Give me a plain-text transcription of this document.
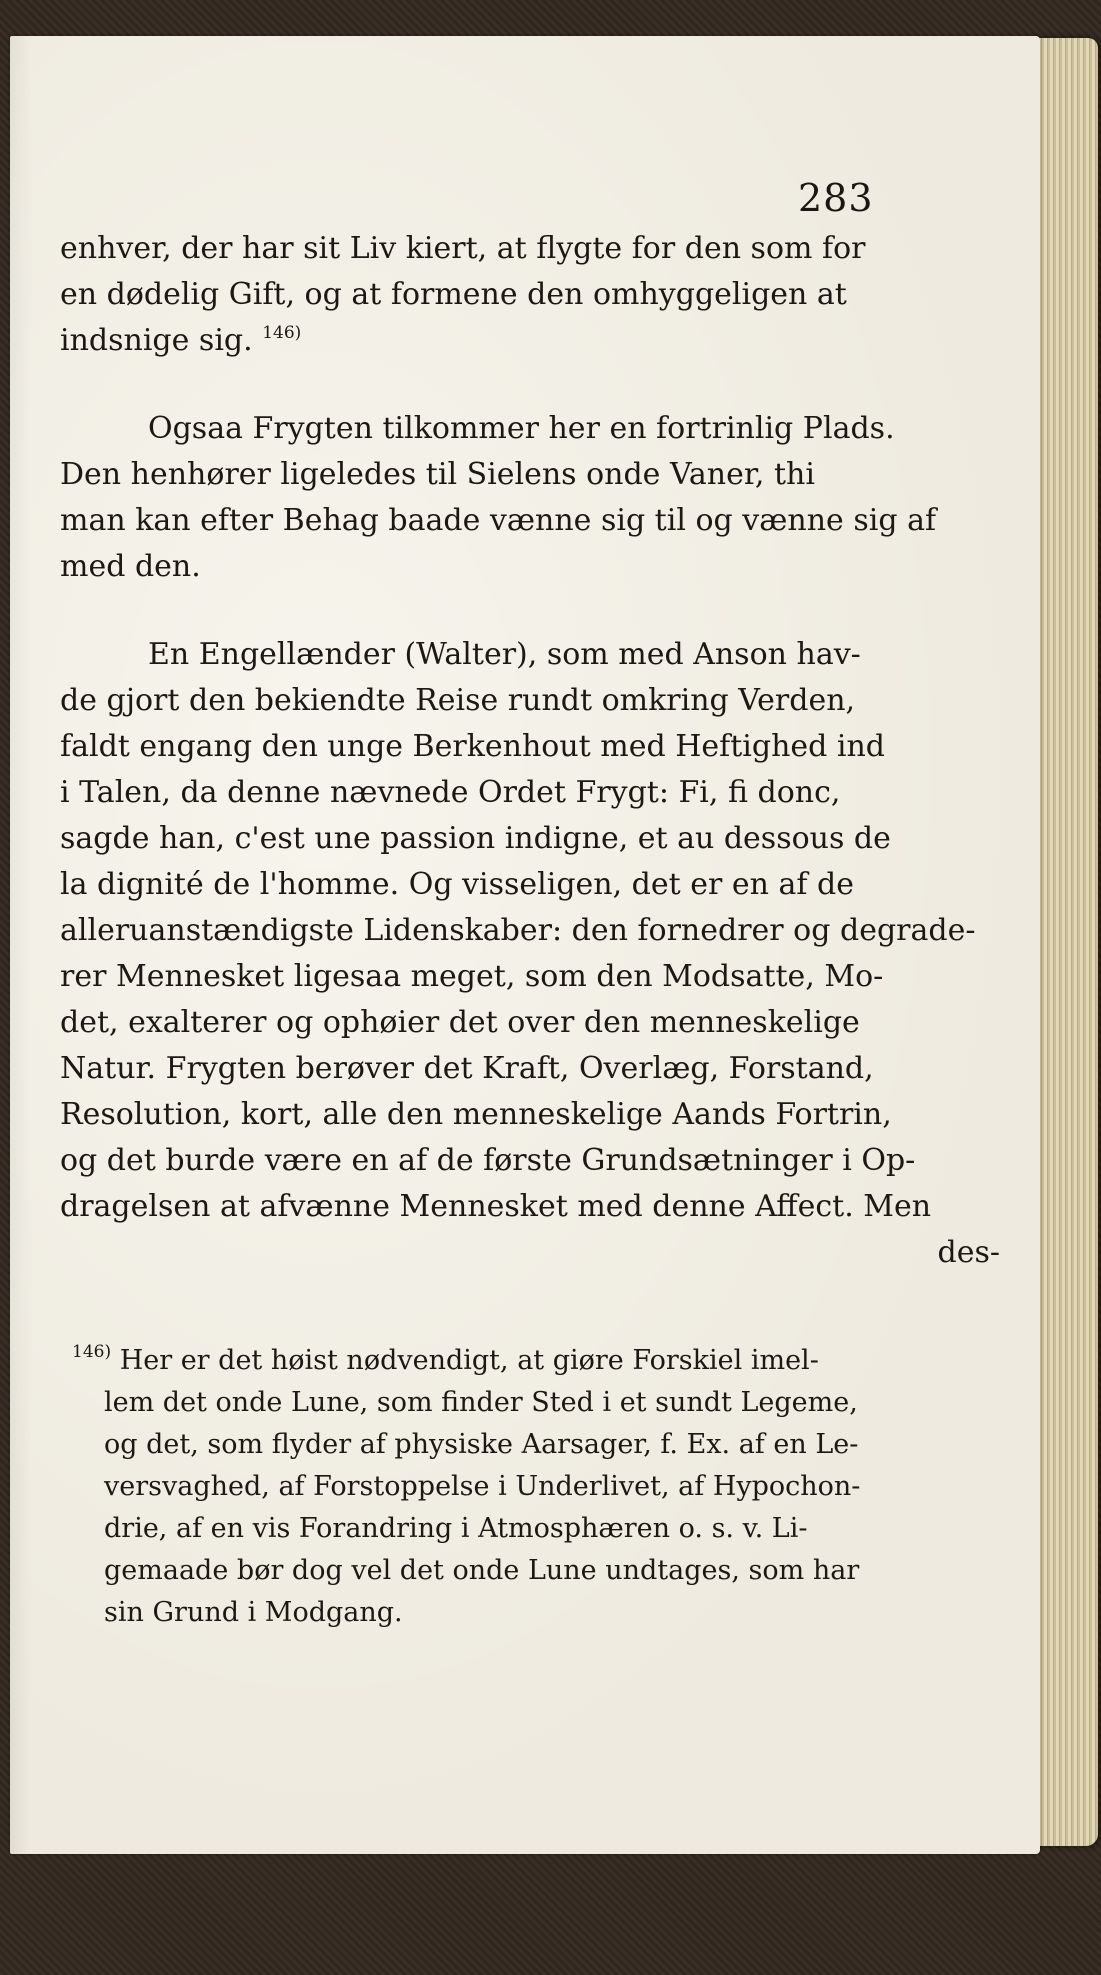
283
enhver, der har sit Liv kiert, at flygte for den som for
en dødelig Gift, og at formene den omhyggeligen at
indsnige sig. $^{146)}$
Ogsaa Frygten tilkommer her en fortrinlig Plads.
Den henhører ligeledes til Sielens onde Vaner, thi
man kan efter Behag baade vænne sig til og vænne sig af
med den.
En Engellænder (Walter), som med Anson hav-
de gjort den bekiendte Reise rundt omkring Verden,
faldt engang den unge Berkenhout med Heftighed ind
i Talen, da denne nævnede Ordet Frygt: Fi, fi donc,
sagde han, c'est une passion indigne, et au dessous de
la dignité de l'homme. Og visseligen, det er en af de
alleruanstændigste Lidenskaber: den fornedrer og degrade-
rer Mennesket ligesaa meget, som den Modsatte, Mo-
det, exalterer og ophøier det over den menneskelige
Natur. Frygten berøver det Kraft, Overlæg, Forstand,
Resolution, kort, alle den menneskelige Aands Fortrin,
og det burde være en af de første Grundsætninger i Op-
dragelsen at afvænne Mennesket med denne Affect. Men
des-
$^{146)}$ Her er det høist nødvendigt, at giøre Forskiel imel-
lem det onde Lune, som finder Sted i et sundt Legeme,
og det, som flyder af physiske Aarsager, f. Ex. af en Le-
versvaghed, af Forstoppelse i Underlivet, af Hypochon-
drie, af en vis Forandring i Atmosphæren o. s. v. Li-
gemaade bør dog vel det onde Lune undtages, som har
sin Grund i Modgang.
